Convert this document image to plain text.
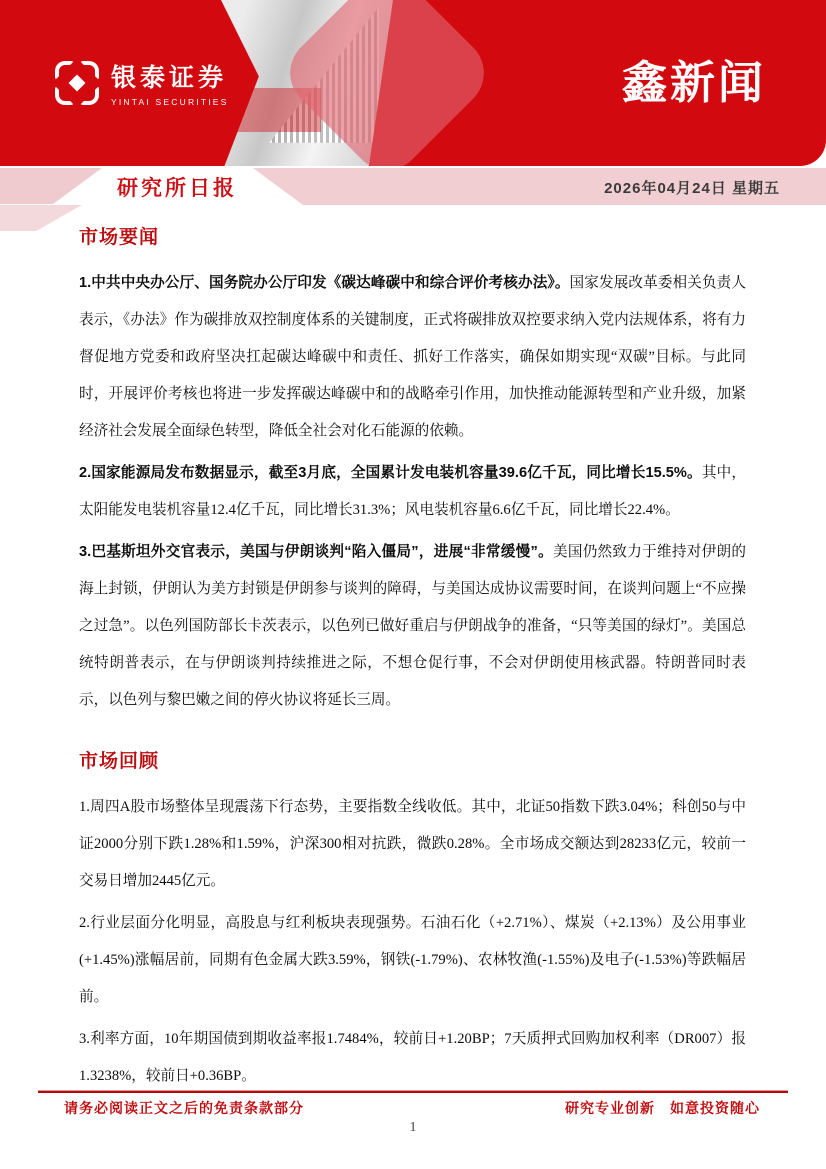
银泰证券
YINTAI SECURITIES	鑫新闻
研究所日报	2026年04月24日 星期五
市场要闻

1.中共中央办公厅、国务院办公厅印发《碳达峰碳中和综合评价考核办法》。国家发展改革委相关负责人表示，《办法》作为碳排放双控制度体系的关键制度，正式将碳排放双控要求纳入党内法规体系，将有力督促地方党委和政府坚决扛起碳达峰碳中和责任、抓好工作落实，确保如期实现“双碳”目标。与此同时，开展评价考核也将进一步发挥碳达峰碳中和的战略牵引作用，加快推动能源转型和产业升级，加紧经济社会发展全面绿色转型，降低全社会对化石能源的依赖。

2.国家能源局发布数据显示，截至3月底，全国累计发电装机容量39.6亿千瓦，同比增长15.5%。其中，太阳能发电装机容量12.4亿千瓦，同比增长31.3%；风电装机容量6.6亿千瓦，同比增长22.4%。

3.巴基斯坦外交官表示，美国与伊朗谈判“陷入僵局”，进展“非常缓慢”。美国仍然致力于维持对伊朗的海上封锁，伊朗认为美方封锁是伊朗参与谈判的障碍，与美国达成协议需要时间，在谈判问题上“不应操之过急”。以色列国防部长卡茨表示，以色列已做好重启与伊朗战争的准备，“只等美国的绿灯”。美国总统特朗普表示，在与伊朗谈判持续推进之际，不想仓促行事，不会对伊朗使用核武器。特朗普同时表示，以色列与黎巴嫩之间的停火协议将延长三周。

市场回顾

1.周四A股市场整体呈现震荡下行态势，主要指数全线收低。其中，北证50指数下跌3.04%；科创50与中证2000分别下跌1.28%和1.59%，沪深300相对抗跌，微跌0.28%。全市场成交额达到28233亿元，较前一交易日增加2445亿元。

2.行业层面分化明显，高股息与红利板块表现强势。石油石化（+2.71%）、煤炭（+2.13%）及公用事业(+1.45%)涨幅居前，同期有色金属大跌3.59%，钢铁(-1.79%)、农林牧渔(-1.55%)及电子(-1.53%)等跌幅居前。

3.利率方面，10年期国债到期收益率报1.7484%，较前日+1.20BP；7天质押式回购加权利率（DR007）报1.3238%，较前日+0.36BP。

请务必阅读正文之后的免责条款部分	研究专业创新　如意投资随心
1
